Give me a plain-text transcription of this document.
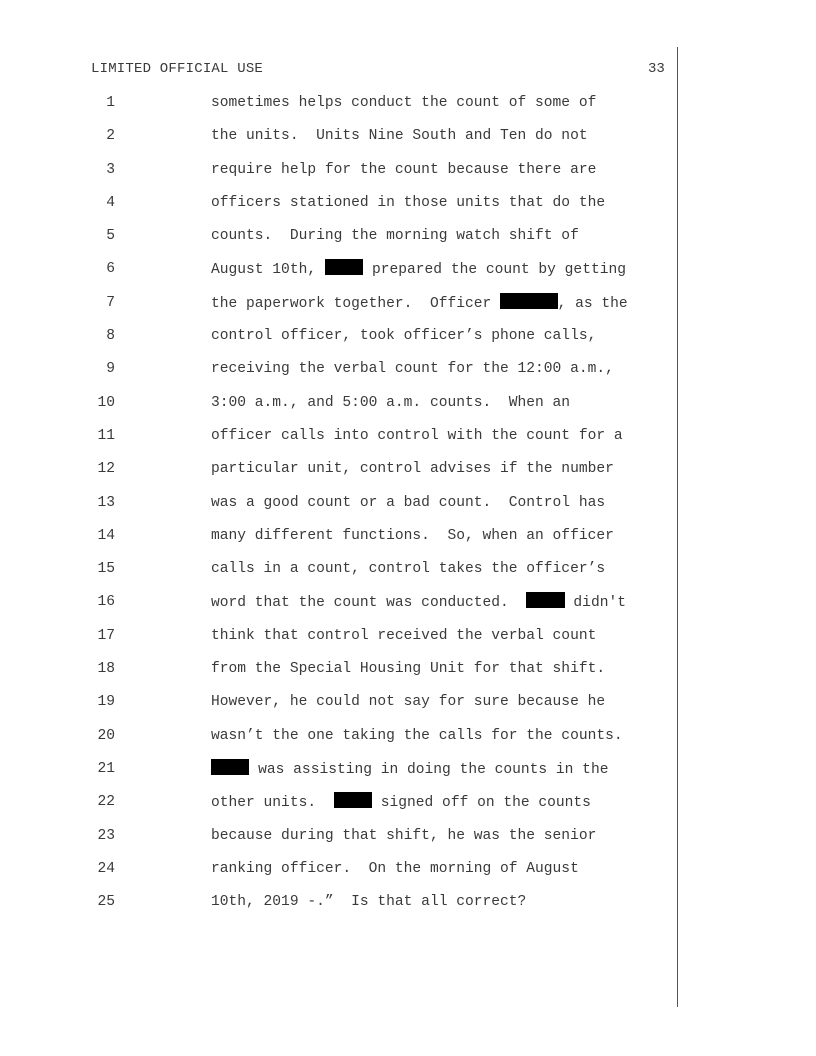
LIMITED OFFICIAL USE	33
1	sometimes helps conduct the count of some of
2	the units.  Units Nine South and Ten do not
3	require help for the count because there are
4	officers stationed in those units that do the
5	counts.  During the morning watch shift of
6	August 10th,	prepared the count by getting
7	the paperwork together.  Officer	, as the
8	control officer, took officer’s phone calls,
9	receiving the verbal count for the 12:00 a.m.,
10	3:00 a.m., and 5:00 a.m. counts.  When an
11	officer calls into control with the count for a
12	particular unit, control advises if the number
13	was a good count or a bad count.  Control has
14	many different functions.  So, when an officer
15	calls in a count, control takes the officer’s
16	word that the count was conducted.	didn't
17	think that control received the verbal count
18	from the Special Housing Unit for that shift.
19	However, he could not say for sure because he
20	wasn’t the one taking the calls for the counts.
21	was assisting in doing the counts in the
22	other units.	signed off on the counts
23	because during that shift, he was the senior
24	ranking officer.  On the morning of August
25	10th, 2019 -.”  Is that all correct?
